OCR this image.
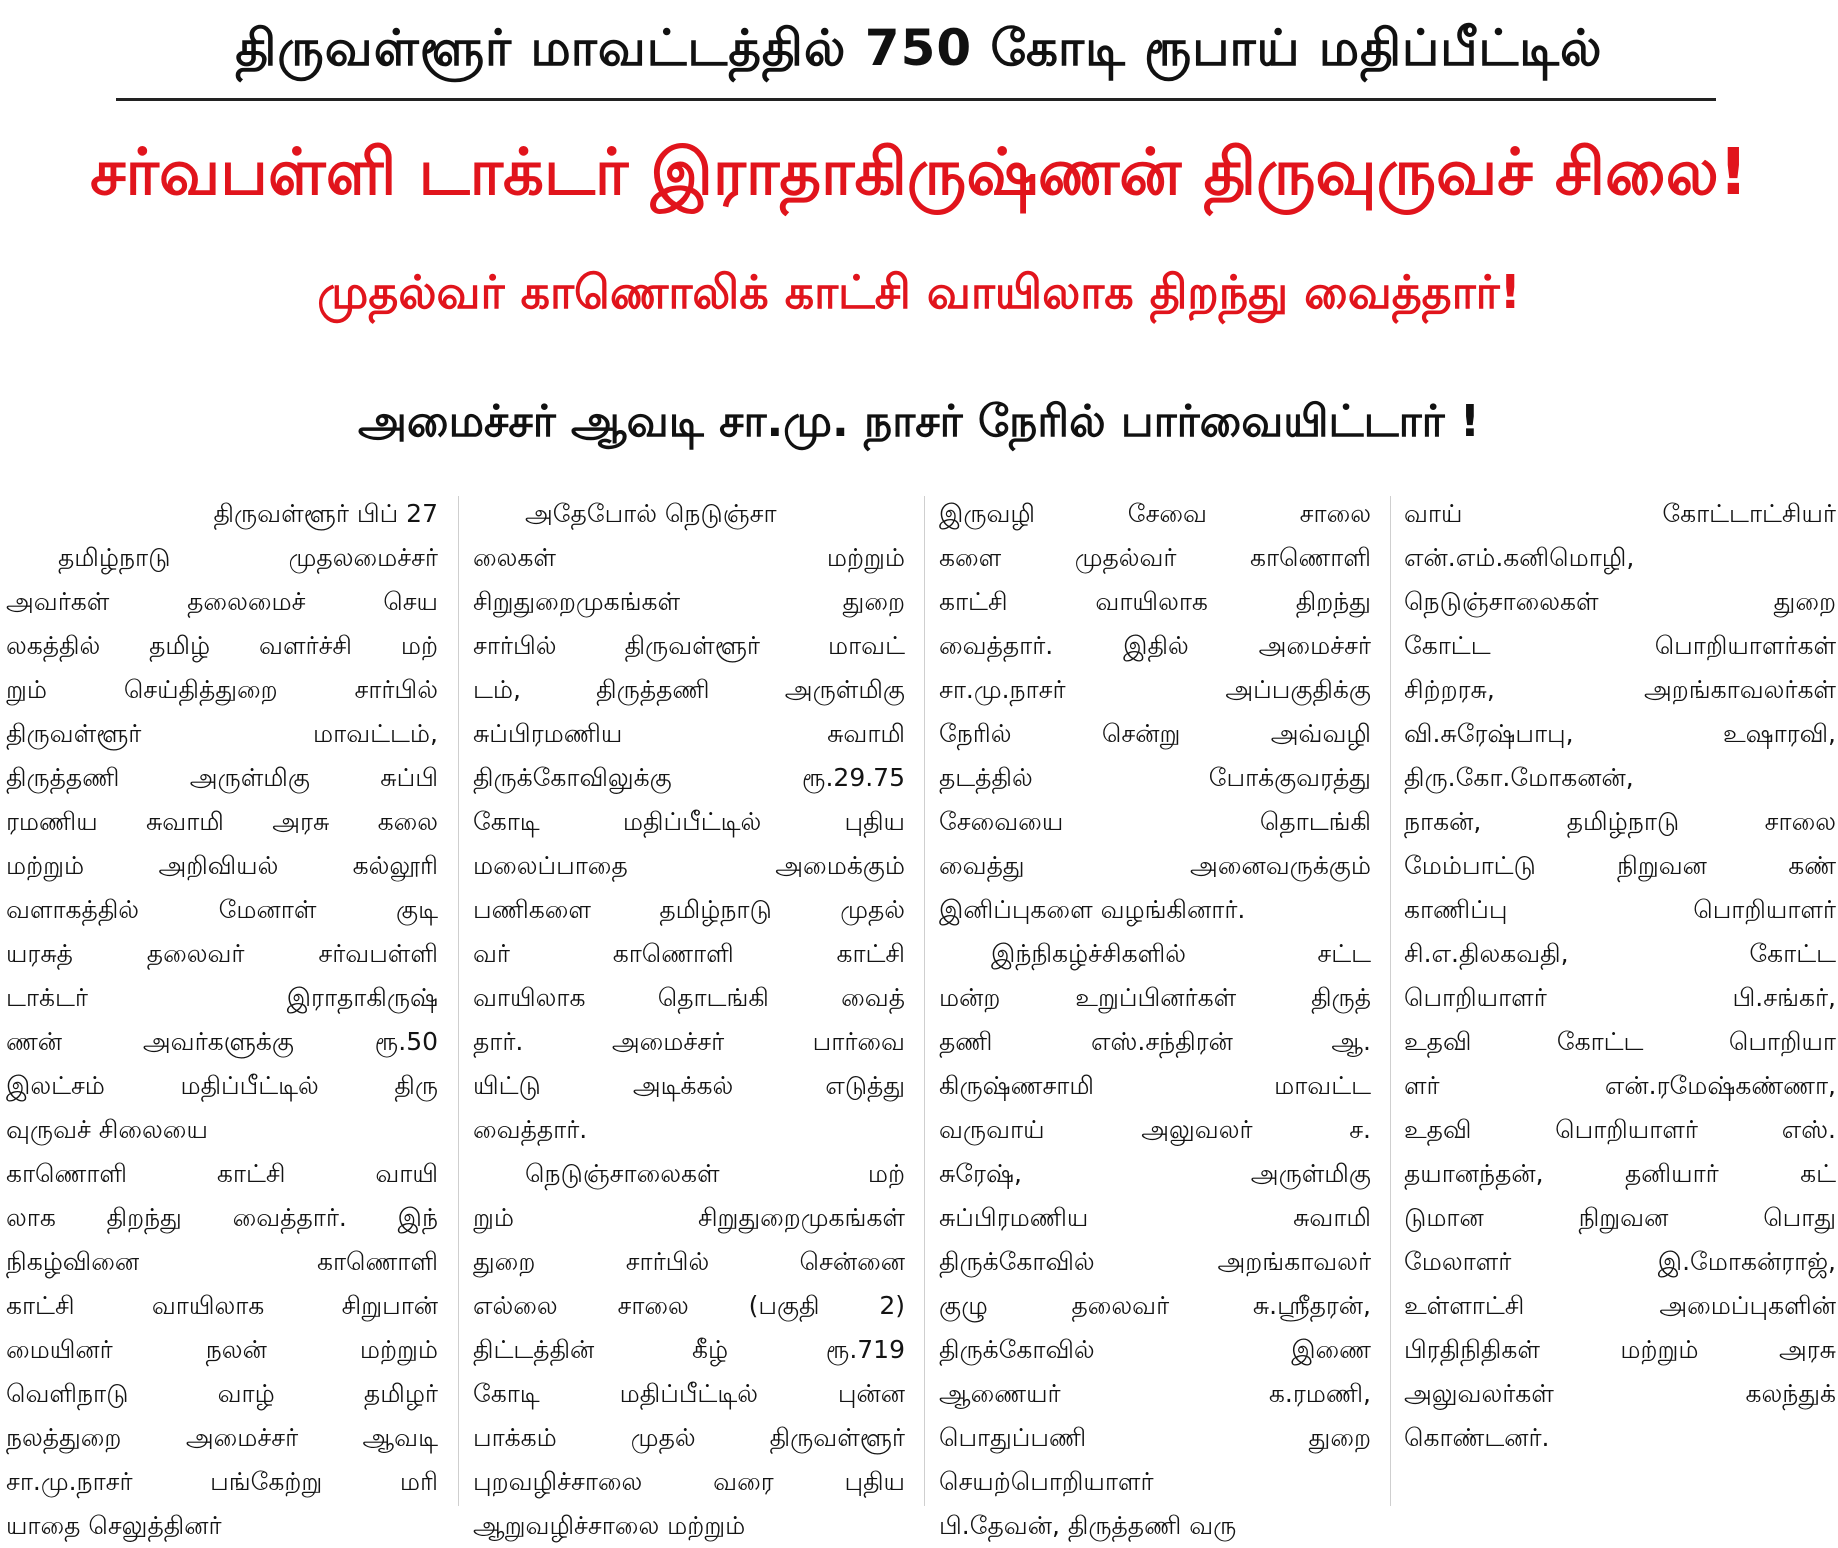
திருவள்ளூர் மாவட்டத்தில் 750 கோடி ரூபாய் மதிப்பீட்டில்
சர்வபள்ளி டாக்டர் இராதாகிருஷ்ணன் திருவுருவச் சிலை!
முதல்வர் காணொலிக் காட்சி வாயிலாக திறந்து வைத்தார்!
அமைச்சர் ஆவடி சா.மு. நாசர் நேரில் பார்வையிட்டார் !
திருவள்ளூர் பிப் 27
தமிழ்நாடு முதலமைச்சர்
அவர்கள் தலைமைச் செய
லகத்தில் தமிழ் வளர்ச்சி மற்
றும் செய்தித்துறை சார்பில்
திருவள்ளூர் மாவட்டம்,
திருத்தணி அருள்மிகு சுப்பி
ரமணிய சுவாமி அரசு கலை
மற்றும் அறிவியல் கல்லூரி
வளாகத்தில் மேனாள் குடி
யரசுத் தலைவர் சர்வபள்ளி
டாக்டர் இராதாகிருஷ்
ணன் அவர்களுக்கு ரூ.50
இலட்சம் மதிப்பீட்டில் திரு
வுருவச் சிலையை
காணொளி காட்சி வாயி
லாக திறந்து வைத்தார். இந்
நிகழ்வினை காணொளி
காட்சி வாயிலாக சிறுபான்
மையினர் நலன் மற்றும்
வெளிநாடு வாழ் தமிழர்
நலத்துறை அமைச்சர் ஆவடி
சா.மு.நாசர் பங்கேற்று மரி
யாதை செலுத்தினர்
அதேபோல் நெடுஞ்சா
லைகள் மற்றும்
சிறுதுறைமுகங்கள் துறை
சார்பில் திருவள்ளூர் மாவட்
டம், திருத்தணி அருள்மிகு
சுப்பிரமணிய சுவாமி
திருக்கோவிலுக்கு ரூ.29.75
கோடி மதிப்பீட்டில் புதிய
மலைப்பாதை அமைக்கும்
பணிகளை தமிழ்நாடு முதல்
வர் காணொளி காட்சி
வாயிலாக தொடங்கி வைத்
தார். அமைச்சர் பார்வை
யிட்டு அடிக்கல் எடுத்து
வைத்தார்.
நெடுஞ்சாலைகள் மற்
றும் சிறுதுறைமுகங்கள்
துறை சார்பில் சென்னை
எல்லை சாலை (பகுதி 2)
திட்டத்தின் கீழ் ரூ.719
கோடி மதிப்பீட்டில் புன்ன
பாக்கம் முதல் திருவள்ளூர்
புறவழிச்சாலை வரை புதிய
ஆறுவழிச்சாலை மற்றும்
இருவழி சேவை சாலை
களை முதல்வர் காணொளி
காட்சி வாயிலாக திறந்து
வைத்தார். இதில் அமைச்சர்
சா.மு.நாசர் அப்பகுதிக்கு
நேரில் சென்று அவ்வழி
தடத்தில் போக்குவரத்து
சேவையை தொடங்கி
வைத்து அனைவருக்கும்
இனிப்புகளை வழங்கினார்.
இந்நிகழ்ச்சிகளில் சட்ட
மன்ற உறுப்பினர்கள் திருத்
தணி எஸ்.சந்திரன் ஆ.
கிருஷ்ணசாமி மாவட்ட
வருவாய் அலுவலர் ச.
சுரேஷ், அருள்மிகு
சுப்பிரமணிய சுவாமி
திருக்கோவில் அறங்காவலர்
குழு தலைவர் சு.ஸ்ரீதரன்,
திருக்கோவில் இணை
ஆணையர் க.ரமணி,
பொதுப்பணி துறை
செயற்பொறியாளர்
பி.தேவன், திருத்தணி வரு
வாய் கோட்டாட்சியர்
என்.எம்.கனிமொழி,
நெடுஞ்சாலைகள் துறை
கோட்ட பொறியாளர்கள்
சிற்றரசு, அறங்காவலர்கள்
வி.சுரேஷ்பாபு, உஷாரவி,
திரு.கோ.மோகனன்,
நாகன், தமிழ்நாடு சாலை
மேம்பாட்டு நிறுவன கண்
காணிப்பு பொறியாளர்
சி.எ.திலகவதி, கோட்ட
பொறியாளர் பி.சங்கர்,
உதவி கோட்ட பொறியா
ளர் என்.ரமேஷ்கண்ணா,
உதவி பொறியாளர் எஸ்.
தயானந்தன், தனியார் கட்
டுமான நிறுவன பொது
மேலாளர் இ.மோகன்ராஜ்,
உள்ளாட்சி அமைப்புகளின்
பிரதிநிதிகள் மற்றும் அரசு
அலுவலர்கள் கலந்துக்
கொண்டனர்.
